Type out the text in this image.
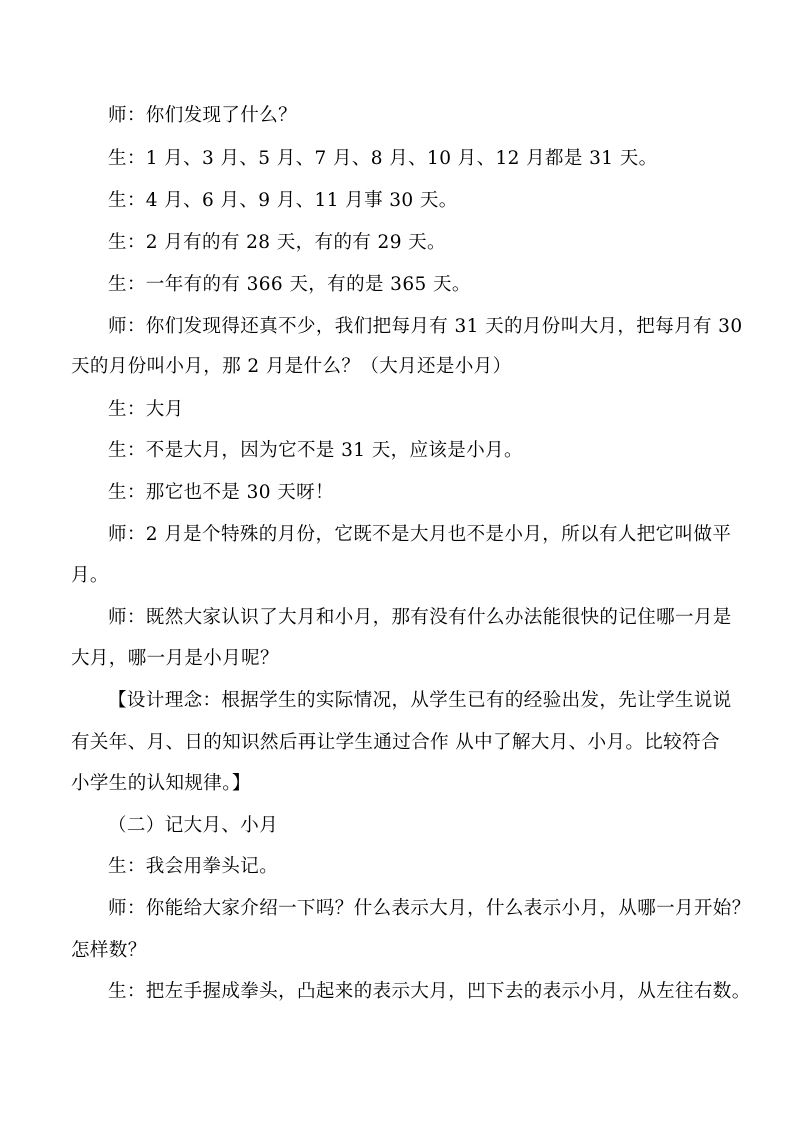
师：你们发现了什么？
生：1 月、3 月、5 月、7 月、8 月、10 月、12 月都是 31 天。
生：4 月、6 月、9 月、11 月事 30 天。
生：2 月有的有 28 天，有的有 29 天。
生：一年有的有 366 天，有的是 365 天。
师：你们发现得还真不少，我们把每月有 31 天的月份叫大月，把每月有 30
天的月份叫小月，那 2 月是什么？（大月还是小月）
生：大月
生：不是大月，因为它不是 31 天，应该是小月。
生：那它也不是 30 天呀！
师：2 月是个特殊的月份，它既不是大月也不是小月，所以有人把它叫做平
月。
师：既然大家认识了大月和小月，那有没有什么办法能很快的记住哪一月是
大月，哪一月是小月呢？
【设计理念：根据学生的实际情况，从学生已有的经验出发，先让学生说说
有关年、月、日的知识然后再让学生通过合作 从中了解大月、小月。比较符合
小学生的认知规律。】
（二）记大月、小月
生：我会用拳头记。
师：你能给大家介绍一下吗？什么表示大月，什么表示小月，从哪一月开始？
怎样数？
生：把左手握成拳头，凸起来的表示大月，凹下去的表示小月，从左往右数。
